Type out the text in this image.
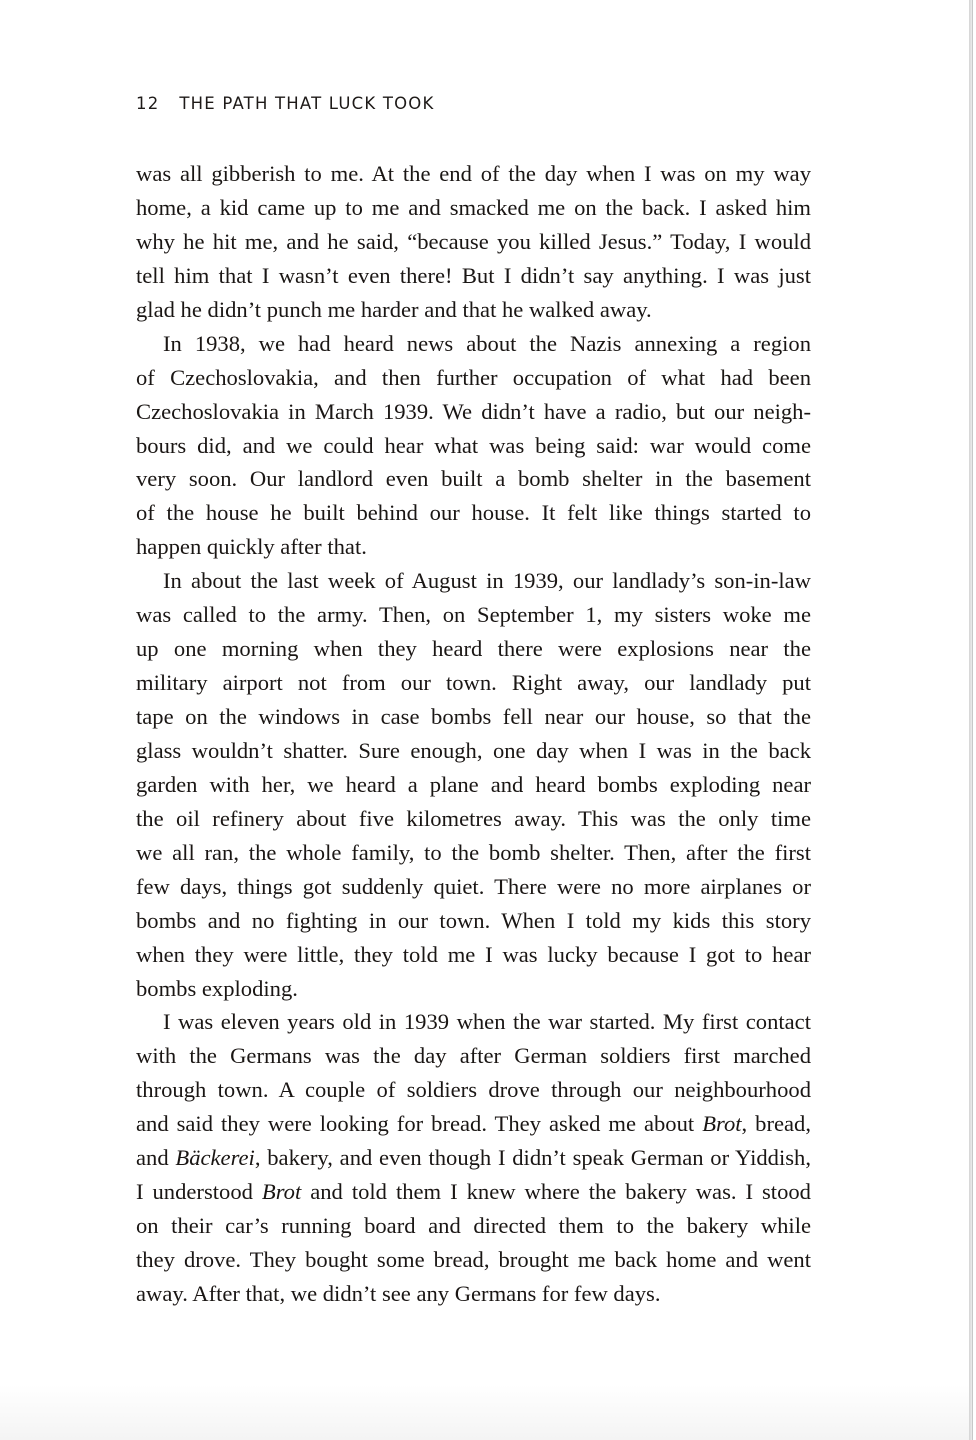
12 THE PATH THAT LUCK TOOK
was all gibberish to me. At the end of the day when I was on my way
home, a kid came up to me and smacked me on the back. I asked him
why he hit me, and he said, “because you killed Jesus.” Today, I would
tell him that I wasn’t even there! But I didn’t say anything. I was just
glad he didn’t punch me harder and that he walked away.
In 1938, we had heard news about the Nazis annexing a region
of Czechoslovakia, and then further occupation of what had been
Czechoslovakia in March 1939. We didn’t have a radio, but our neigh-
bours did, and we could hear what was being said: war would come
very soon. Our landlord even built a bomb shelter in the basement
of the house he built behind our house. It felt like things started to
happen quickly after that.
In about the last week of August in 1939, our landlady’s son-in-law
was called to the army. Then, on September 1, my sisters woke me
up one morning when they heard there were explosions near the
military airport not from our town. Right away, our landlady put
tape on the windows in case bombs fell near our house, so that the
glass wouldn’t shatter. Sure enough, one day when I was in the back
garden with her, we heard a plane and heard bombs exploding near
the oil refinery about five kilometres away. This was the only time
we all ran, the whole family, to the bomb shelter. Then, after the first
few days, things got suddenly quiet. There were no more airplanes or
bombs and no fighting in our town. When I told my kids this story
when they were little, they told me I was lucky because I got to hear
bombs exploding.
I was eleven years old in 1939 when the war started. My first contact
with the Germans was the day after German soldiers first marched
through town. A couple of soldiers drove through our neighbourhood
and said they were looking for bread. They asked me about Brot, bread,
and Bäckerei, bakery, and even though I didn’t speak German or Yiddish,
I understood Brot and told them I knew where the bakery was. I stood
on their car’s running board and directed them to the bakery while
they drove. They bought some bread, brought me back home and went
away. After that, we didn’t see any Germans for few days.
